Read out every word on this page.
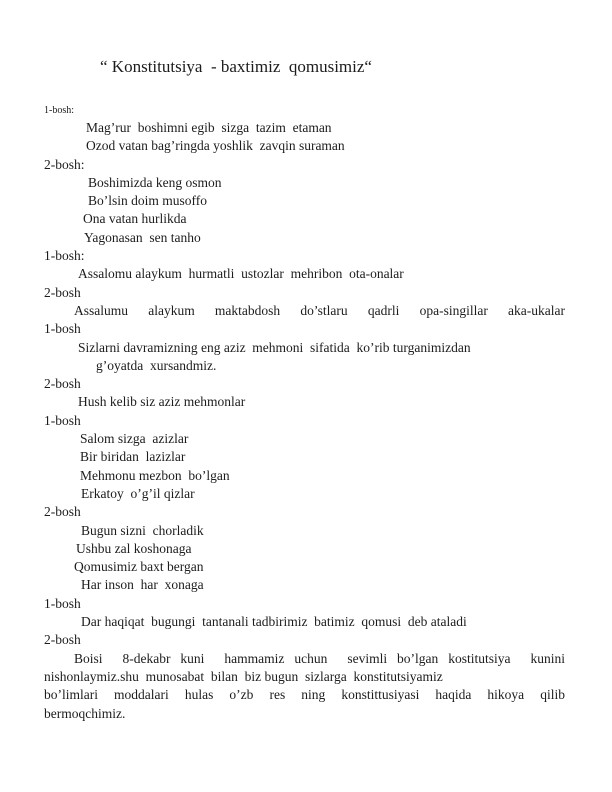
“ Konstitutsiya  - baxtimiz  qomusimiz“
1-bosh:
Mag’rur  boshimni egib  sizga  tazim  etaman
Ozod vatan bag’ringda yoshlik  zavqin suraman
2-bosh:
Boshimizda keng osmon
Bo’lsin doim musoffo
Ona vatan hurlikda
Yagonasan  sen tanho
1-bosh:
Assalomu alaykum  hurmatli  ustozlar  mehribon  ota-onalar
2-bosh
Assalumu  alaykum  maktabdosh  do’stlaru  qadrli  opa-singillar  aka-ukalar
1-bosh
Sizlarni davramizning eng aziz  mehmoni  sifatida  ko’rib turganimizdan
g’oyatda  xursandmiz.
2-bosh
Hush kelib siz aziz mehmonlar
1-bosh
Salom sizga  azizlar
Bir biridan  lazizlar
Mehmonu mezbon  bo’lgan
Erkatoy  o’g’il qizlar
2-bosh
Bugun sizni  chorladik
Ushbu zal koshonaga
Qomusimiz baxt bergan
Har inson  har  xonaga
1-bosh
Dar haqiqat  bugungi  tantanali tadbirimiz  batimiz  qomusi  deb ataladi
2-bosh
Boisi  8-dekabr kuni  hammamiz uchun  sevimli bo’lgan kostitutsiya  kunini
nishonlaymiz.shu  munosabat  bilan  biz bugun  sizlarga  konstitutsiyamiz
bo’limlari  moddalari  hulas  o’zb  res  ning  konstittusiyasi  haqida  hikoya  qilib
bermoqchimiz.
